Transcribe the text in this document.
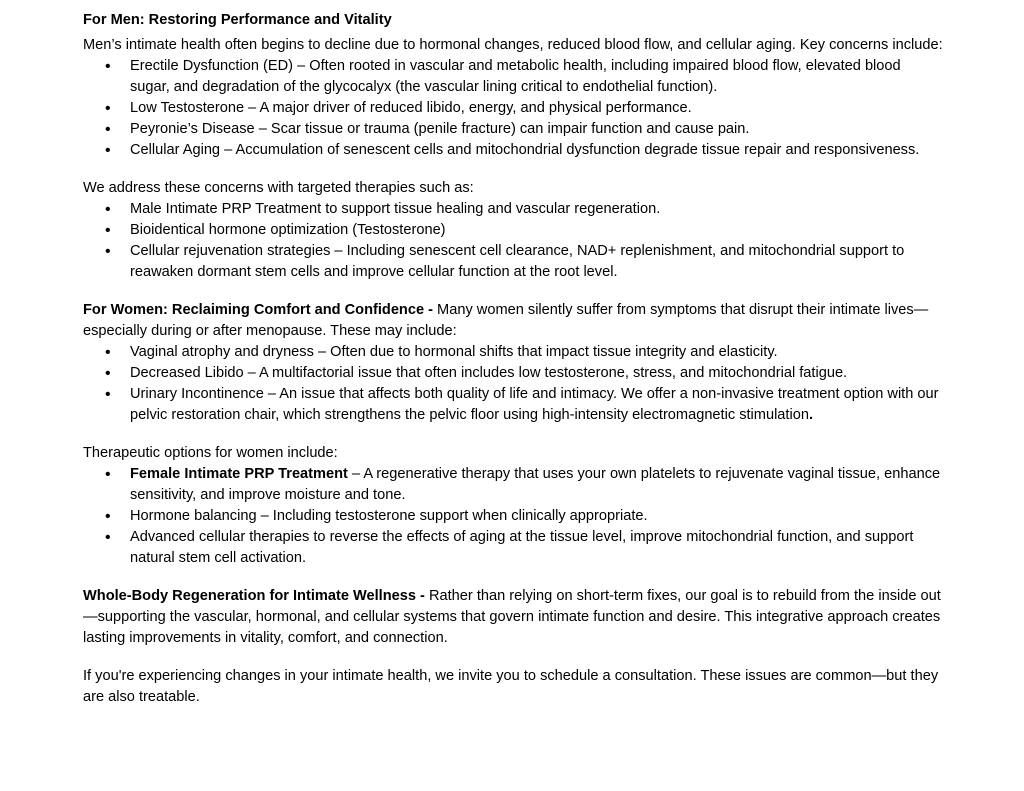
For Men: Restoring Performance and Vitality

Men’s intimate health often begins to decline due to hormonal changes, reduced blood flow, and cellular aging. Key concerns include:

• Erectile Dysfunction (ED) – Often rooted in vascular and metabolic health, including impaired blood flow, elevated blood sugar, and degradation of the glycocalyx (the vascular lining critical to endothelial function).
• Low Testosterone – A major driver of reduced libido, energy, and physical performance.
• Peyronie’s Disease – Scar tissue or trauma (penile fracture) can impair function and cause pain.
• Cellular Aging – Accumulation of senescent cells and mitochondrial dysfunction degrade tissue repair and responsiveness.

We address these concerns with targeted therapies such as:

• Male Intimate PRP Treatment to support tissue healing and vascular regeneration.
• Bioidentical hormone optimization (Testosterone)
• Cellular rejuvenation strategies – Including senescent cell clearance, NAD+ replenishment, and mitochondrial support to reawaken dormant stem cells and improve cellular function at the root level.

For Women: Reclaiming Comfort and Confidence - Many women silently suffer from symptoms that disrupt their intimate lives—especially during or after menopause. These may include:

• Vaginal atrophy and dryness – Often due to hormonal shifts that impact tissue integrity and elasticity.
• Decreased Libido – A multifactorial issue that often includes low testosterone, stress, and mitochondrial fatigue.
• Urinary Incontinence – An issue that affects both quality of life and intimacy. We offer a non-invasive treatment option with our pelvic restoration chair, which strengthens the pelvic floor using high-intensity electromagnetic stimulation.

Therapeutic options for women include:

• Female Intimate PRP Treatment – A regenerative therapy that uses your own platelets to rejuvenate vaginal tissue, enhance sensitivity, and improve moisture and tone.
• Hormone balancing – Including testosterone support when clinically appropriate.
• Advanced cellular therapies to reverse the effects of aging at the tissue level, improve mitochondrial function, and support natural stem cell activation.

Whole-Body Regeneration for Intimate Wellness - Rather than relying on short-term fixes, our goal is to rebuild from the inside out—supporting the vascular, hormonal, and cellular systems that govern intimate function and desire. This integrative approach creates lasting improvements in vitality, comfort, and connection.

If you're experiencing changes in your intimate health, we invite you to schedule a consultation. These issues are common—but they are also treatable.
